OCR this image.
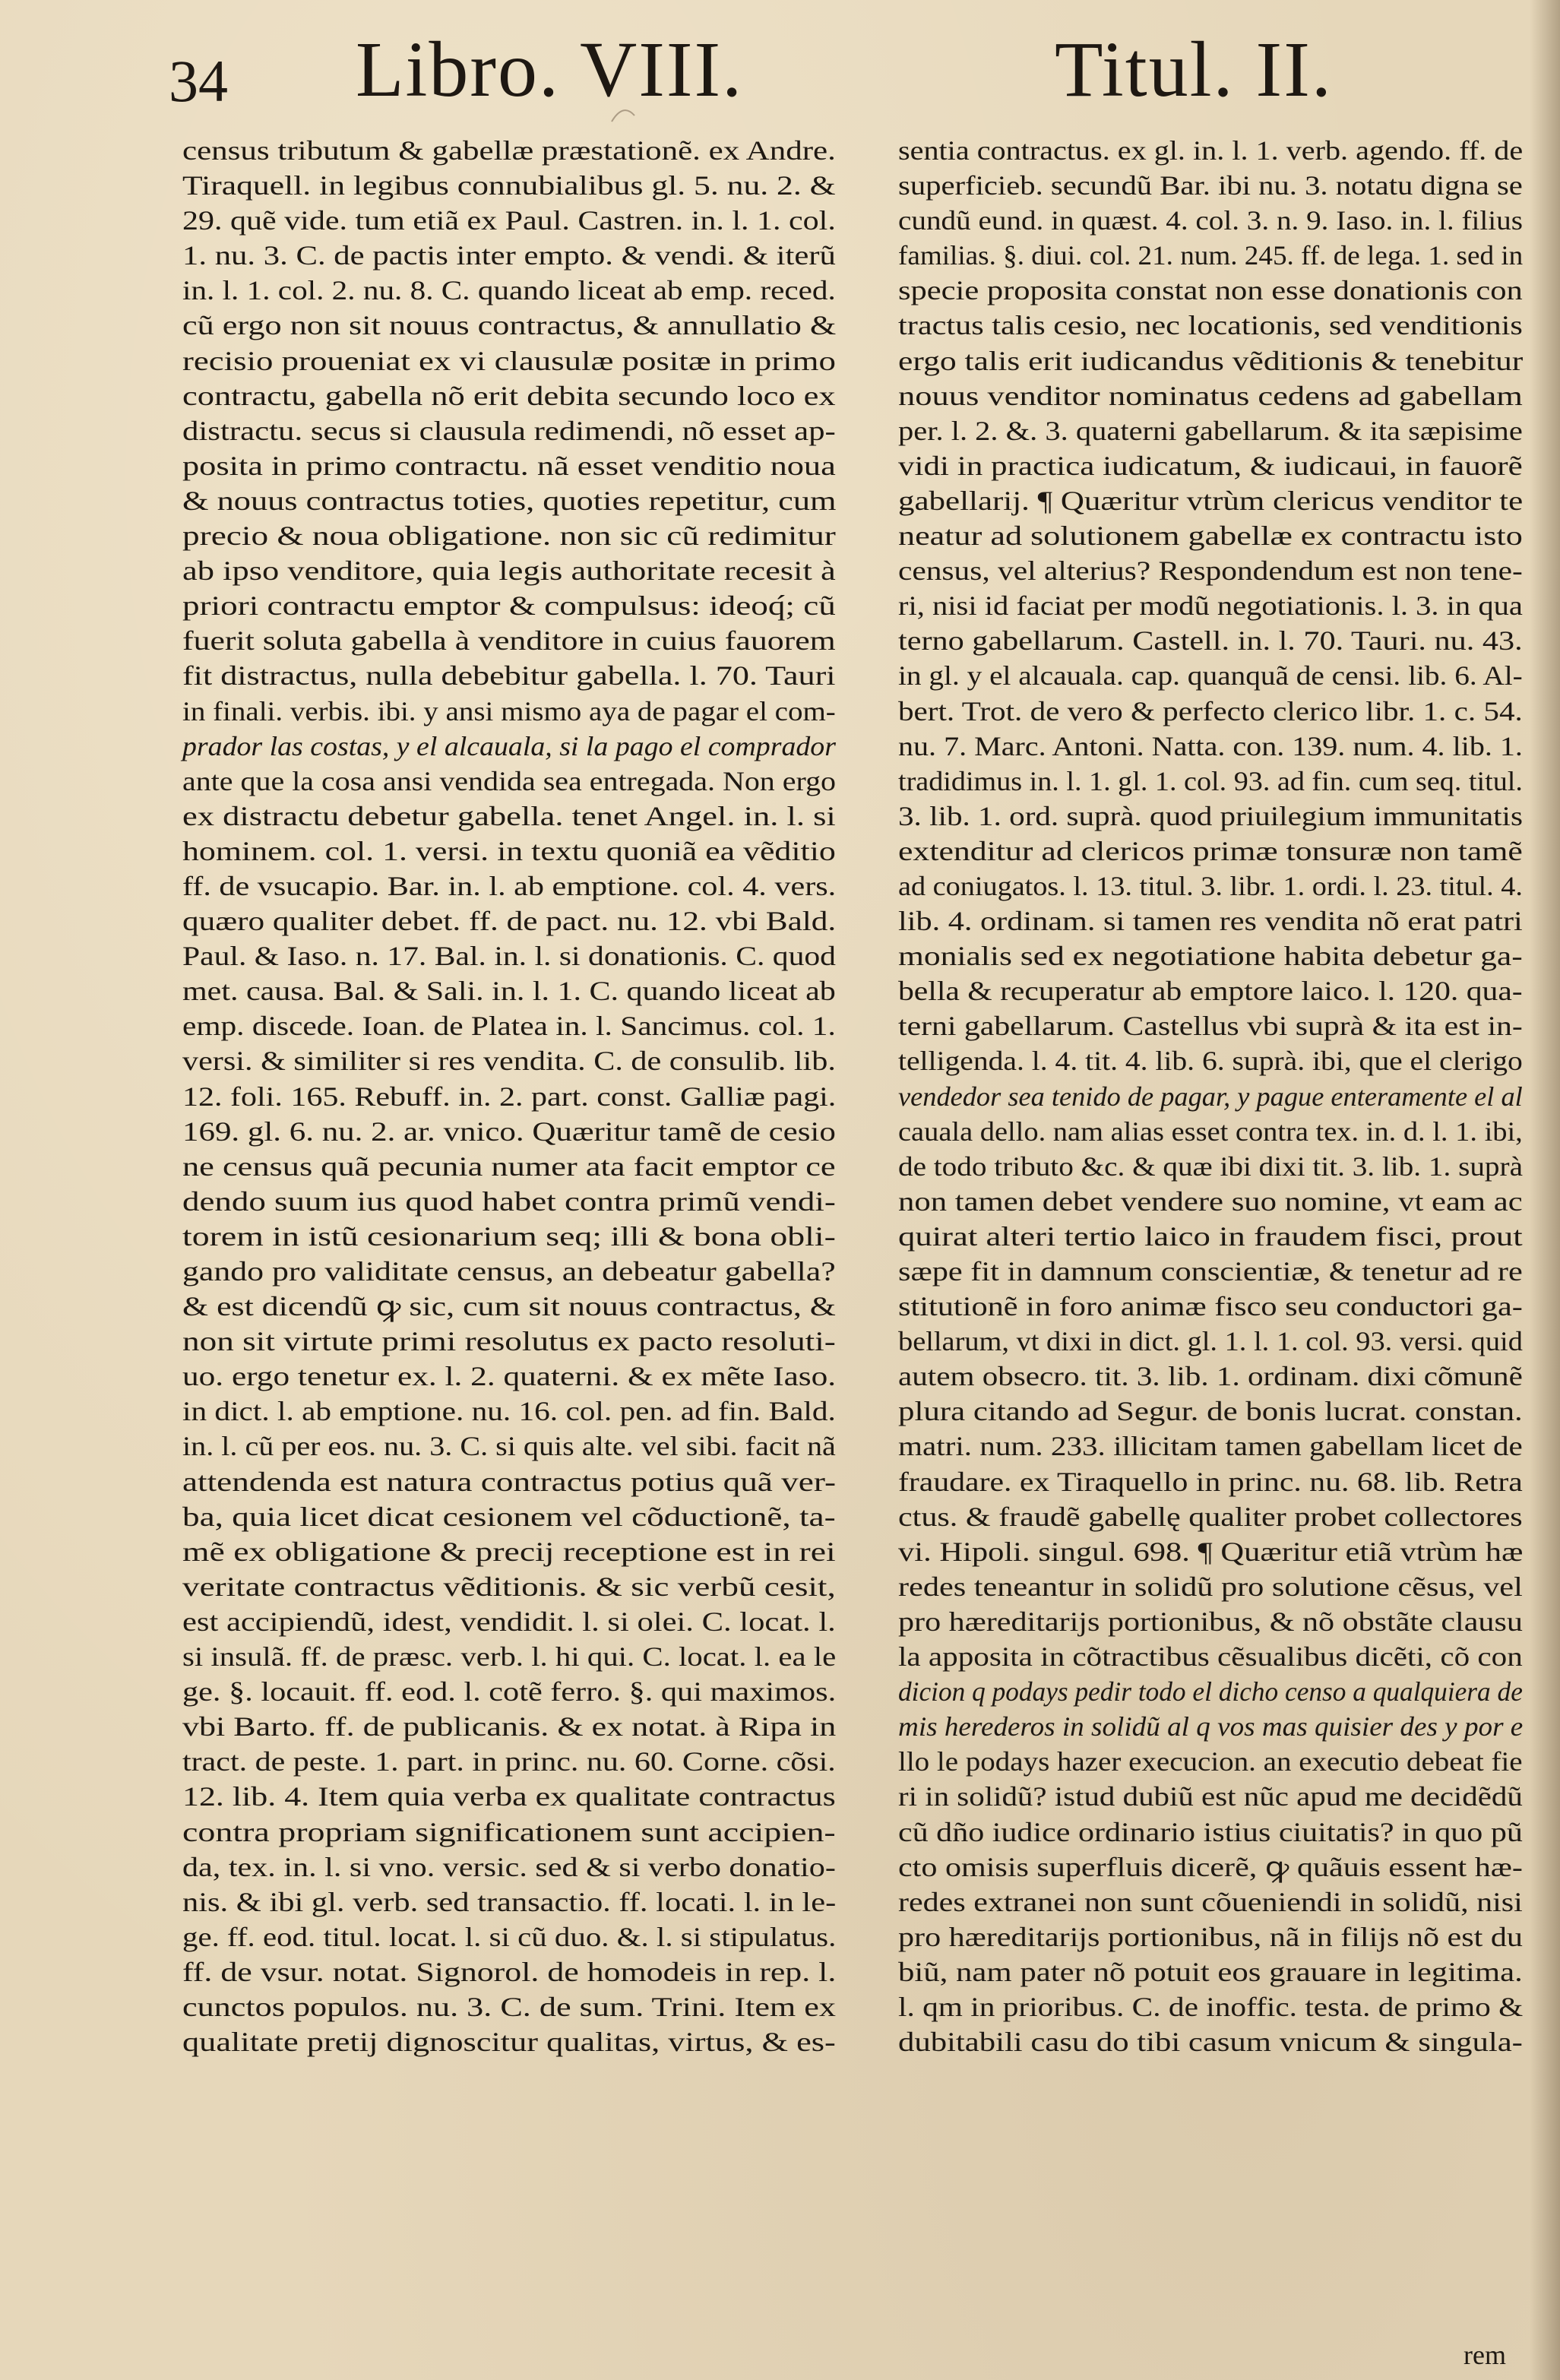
34 Libro. VIII.	Titul. II.
census tributum & gabellæ præstationẽ. ex Andre.
Tiraquell. in legibus connubialibus gl. 5. nu. 2. &
29. quẽ vide. tum etiã ex Paul. Castren. in. l. 1. col.
1. nu. 3. C. de pactis inter empto. & vendi. & iterũ
in. l. 1. col. 2. nu. 8. C. quando liceat ab emp. reced.
cũ ergo non sit nouus contractus, & annullatio &
recisio proueniat ex vi clausulæ positæ in primo
contractu, gabella nõ erit debita secundo loco ex
distractu. secus si clausula redimendi, nõ esset ap-
posita in primo contractu. nã esset venditio noua
& nouus contractus toties, quoties repetitur, cum
precio & noua obligatione. non sic cũ redimitur
ab ipso venditore, quia legis authoritate recesit à
priori contractu emptor & compulsus: ideoq́; cũ
fuerit soluta gabella à venditore in cuius fauorem
fit distractus, nulla debebitur gabella. l. 70. Tauri
in finali. verbis. ibi. y ansi mismo aya de pagar el com-
prador las costas, y el alcauala, si la pago el comprador
ante que la cosa ansi vendida sea entregada. Non ergo
ex distractu debetur gabella. tenet Angel. in. l. si
hominem. col. 1. versi. in textu quoniã ea vẽditio
ff. de vsucapio. Bar. in. l. ab emptione. col. 4. vers.
quæro qualiter debet. ff. de pact. nu. 12. vbi Bald.
Paul. & Iaso. n. 17. Bal. in. l. si donationis. C. quod
met. causa. Bal. & Sali. in. l. 1. C. quando liceat ab
emp. discede. Ioan. de Platea in. l. Sancimus. col. 1.
versi. & similiter si res vendita. C. de consulib. lib.
12. foli. 165. Rebuff. in. 2. part. const. Galliæ pagi.
169. gl. 6. nu. 2. ar. vnico. Quæritur tamẽ de cesio
ne census quã pecunia numer ata facit emptor ce
dendo suum ius quod habet contra primũ vendi-
torem in istũ cesionarium seq; illi & bona obli-
gando pro validitate census, an debeatur gabella?
& est dicendũ ꝙ sic, cum sit nouus contractus, &
non sit virtute primi resolutus ex pacto resoluti-
uo. ergo tenetur ex. l. 2. quaterni. & ex mẽte Iaso.
in dict. l. ab emptione. nu. 16. col. pen. ad fin. Bald.
in. l. cũ per eos. nu. 3. C. si quis alte. vel sibi. facit nã
attendenda est natura contractus potius quã ver-
ba, quia licet dicat cesionem vel cõductionẽ, ta-
mẽ ex obligatione & precij receptione est in rei
veritate contractus vẽditionis. & sic verbũ cesit,
est accipiendũ, idest, vendidit. l. si olei. C. locat. l.
si insulã. ff. de præsc. verb. l. hi qui. C. locat. l. ea le
ge. §. locauit. ff. eod. l. cotẽ ferro. §. qui maximos.
vbi Barto. ff. de publicanis. & ex notat. à Ripa in
tract. de peste. 1. part. in princ. nu. 60. Corne. cõsi.
12. lib. 4. Item quia verba ex qualitate contractus
contra propriam significationem sunt accipien-
da, tex. in. l. si vno. versic. sed & si verbo donatio-
nis. & ibi gl. verb. sed transactio. ff. locati. l. in le-
ge. ff. eod. titul. locat. l. si cũ duo. &. l. si stipulatus.
ff. de vsur. notat. Signorol. de homodeis in rep. l.
cunctos populos. nu. 3. C. de sum. Trini. Item ex
qualitate pretij dignoscitur qualitas, virtus, & es-
sentia contractus. ex gl. in. l. 1. verb. agendo. ff. de
superficieb. secundũ Bar. ibi nu. 3. notatu digna se
cundũ eund. in quæst. 4. col. 3. n. 9. Iaso. in. l. filius
familias. §. diui. col. 21. num. 245. ff. de lega. 1. sed in
specie proposita constat non esse donationis con
tractus talis cesio, nec locationis, sed venditionis
ergo talis erit iudicandus vẽditionis & tenebitur
nouus venditor nominatus cedens ad gabellam
per. l. 2. &. 3. quaterni gabellarum. & ita sæpisime
vidi in practica iudicatum, & iudicaui, in fauorẽ
gabellarij. ¶ Quæritur vtrùm clericus venditor te
neatur ad solutionem gabellæ ex contractu isto
census, vel alterius? Respondendum est non tene-
ri, nisi id faciat per modũ negotiationis. l. 3. in qua
terno gabellarum. Castell. in. l. 70. Tauri. nu. 43.
in gl. y el alcauala. cap. quanquã de censi. lib. 6. Al-
bert. Trot. de vero & perfecto clerico libr. 1. c. 54.
nu. 7. Marc. Antoni. Natta. con. 139. num. 4. lib. 1.
tradidimus in. l. 1. gl. 1. col. 93. ad fin. cum seq. titul.
3. lib. 1. ord. suprà. quod priuilegium immunitatis
extenditur ad clericos primæ tonsuræ non tamẽ
ad coniugatos. l. 13. titul. 3. libr. 1. ordi. l. 23. titul. 4.
lib. 4. ordinam. si tamen res vendita nõ erat patri
monialis sed ex negotiatione habita debetur ga-
bella & recuperatur ab emptore laico. l. 120. qua-
terni gabellarum. Castellus vbi suprà & ita est in-
telligenda. l. 4. tit. 4. lib. 6. suprà. ibi, que el clerigo
vendedor sea tenido de pagar, y pague enteramente el al
cauala dello. nam alias esset contra tex. in. d. l. 1. ibi,
de todo tributo &c. & quæ ibi dixi tit. 3. lib. 1. suprà
non tamen debet vendere suo nomine, vt eam ac
quirat alteri tertio laico in fraudem fisci, prout
sæpe fit in damnum conscientiæ, & tenetur ad re
stitutionẽ in foro animæ fisco seu conductori ga-
bellarum, vt dixi in dict. gl. 1. l. 1. col. 93. versi. quid
autem obsecro. tit. 3. lib. 1. ordinam. dixi cõmunẽ
plura citando ad Segur. de bonis lucrat. constan.
matri. num. 233. illicitam tamen gabellam licet de
fraudare. ex Tiraquello in princ. nu. 68. lib. Retra
ctus. & fraudẽ gabellę qualiter probet collectores
vi. Hipoli. singul. 698. ¶ Quæritur etiã vtrùm hæ
redes teneantur in solidũ pro solutione cẽsus, vel
pro hæreditarijs portionibus, & nõ obstãte clausu
la apposita in cõtractibus cẽsualibus dicẽti, cõ con
dicion q podays pedir todo el dicho censo a qualquiera de
mis herederos in solidũ al q vos mas quisier des y por e
llo le podays hazer execucion. an executio debeat fie
ri in solidũ? istud dubiũ est nũc apud me decidẽdũ
cũ dño iudice ordinario istius ciuitatis? in quo pũ
cto omisis superfluis dicerẽ, ꝙ quãuis essent hæ-
redes extranei non sunt cõueniendi in solidũ, nisi
pro hæreditarijs portionibus, nã in filijs nõ est du
biũ, nam pater nõ potuit eos grauare in legitima.
l. qm in prioribus. C. de inoffic. testa. de primo &
dubitabili casu do tibi casum vnicum & singula-
rem
